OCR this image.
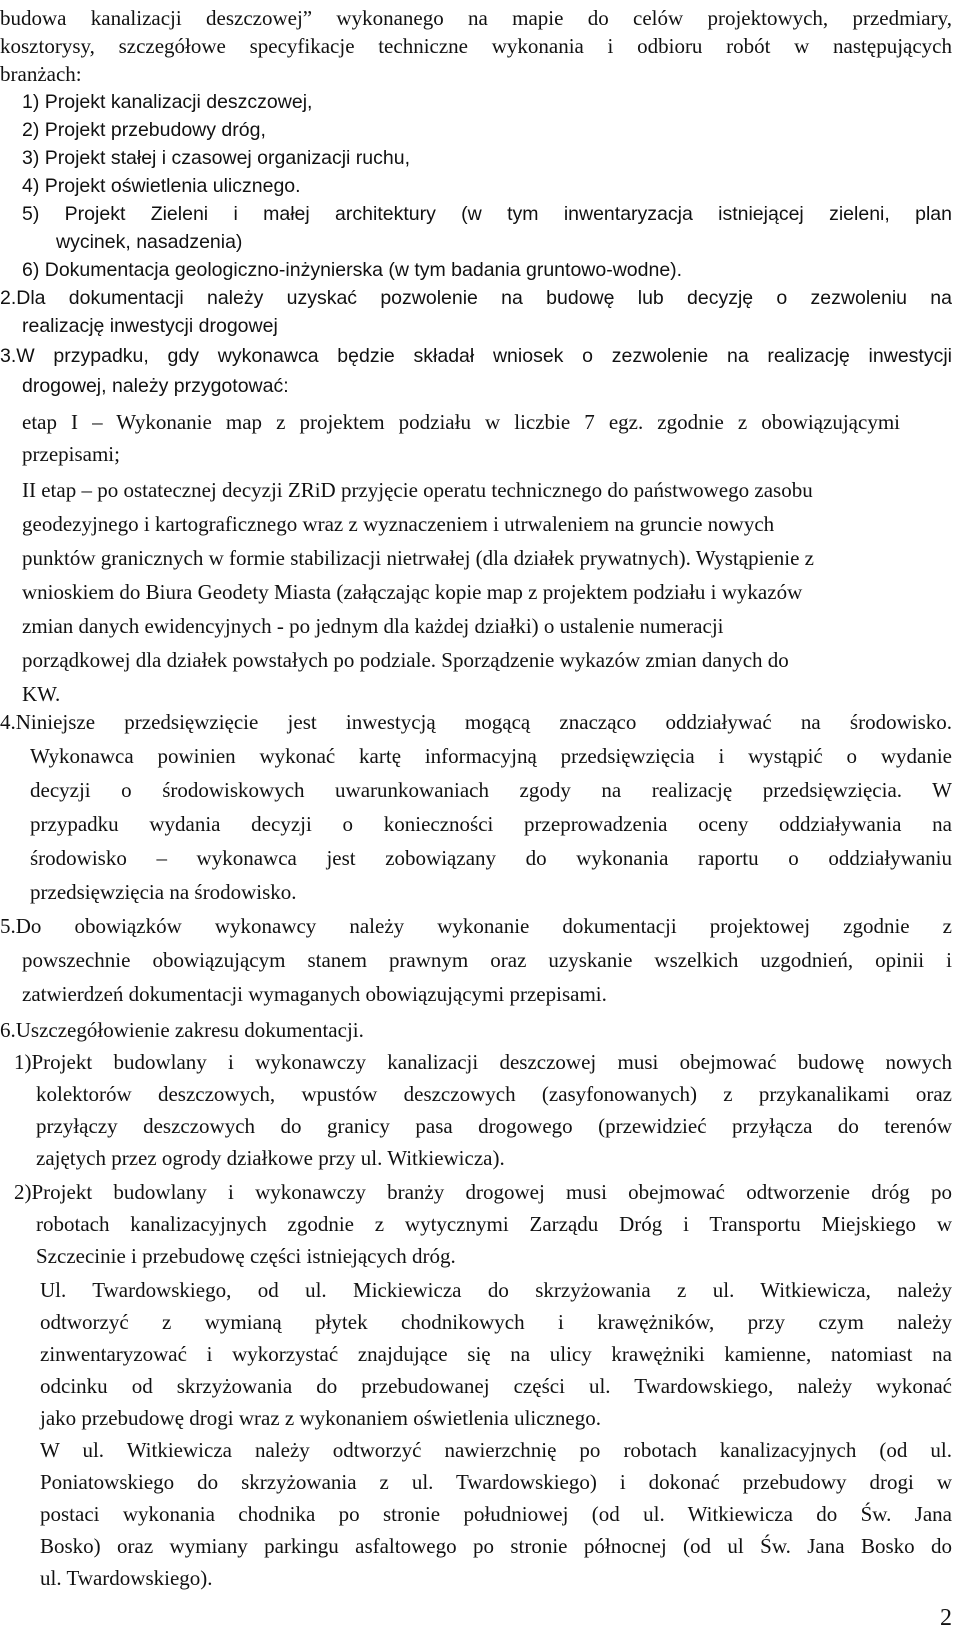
budowa kanalizacji deszczowej” wykonanego na mapie do celów projektowych, przedmiary,
kosztorysy, szczegółowe specyfikacje techniczne wykonania i odbioru robót w następujących
branżach:
1) Projekt kanalizacji deszczowej,
2) Projekt przebudowy dróg,
3) Projekt stałej i czasowej organizacji ruchu,
4) Projekt oświetlenia ulicznego.
5) Projekt Zieleni i małej architektury (w tym inwentaryzacja istniejącej zieleni, plan
wycinek, nasadzenia)
6) Dokumentacja geologiczno-inżynierska (w tym badania gruntowo-wodne).
2.Dla dokumentacji należy uzyskać pozwolenie na budowę lub decyzję o zezwoleniu na
realizację inwestycji drogowej
3.W przypadku, gdy wykonawca będzie składał wniosek o zezwolenie na realizację inwestycji
drogowej, należy przygotować:
etap I – Wykonanie map z projektem podziału w liczbie 7 egz. zgodnie z obowiązującymi
przepisami;
II etap – po ostatecznej decyzji ZRiD przyjęcie operatu technicznego do państwowego zasobu
geodezyjnego i kartograficznego wraz z wyznaczeniem i utrwaleniem na gruncie nowych
punktów granicznych w formie stabilizacji nietrwałej (dla działek prywatnych). Wystąpienie z
wnioskiem do Biura Geodety Miasta (załączając kopie map z projektem podziału i wykazów
zmian danych ewidencyjnych - po jednym dla każdej działki) o ustalenie numeracji
porządkowej dla działek powstałych po podziale. Sporządzenie wykazów zmian danych do
KW.
4.Niniejsze przedsięwzięcie jest inwestycją mogącą znacząco oddziaływać na środowisko.
Wykonawca powinien wykonać kartę informacyjną przedsięwzięcia i wystąpić o wydanie
decyzji o środowiskowych uwarunkowaniach zgody na realizację przedsięwzięcia. W
przypadku wydania decyzji o konieczności przeprowadzenia oceny oddziaływania na
środowisko – wykonawca jest zobowiązany do wykonania raportu o oddziaływaniu
przedsięwzięcia na środowisko.
5.Do obowiązków wykonawcy należy wykonanie dokumentacji projektowej zgodnie z
powszechnie obowiązującym stanem prawnym oraz uzyskanie wszelkich uzgodnień, opinii i
zatwierdzeń dokumentacji wymaganych obowiązującymi przepisami.
6.Uszczegółowienie zakresu dokumentacji.
1)Projekt budowlany i wykonawczy kanalizacji deszczowej musi obejmować budowę nowych
kolektorów deszczowych, wpustów deszczowych (zasyfonowanych) z przykanalikami oraz
przyłączy deszczowych do granicy pasa drogowego (przewidzieć przyłącza do terenów
zajętych przez ogrody działkowe przy ul. Witkiewicza).
2)Projekt budowlany i wykonawczy branży drogowej musi obejmować odtworzenie dróg po
robotach kanalizacyjnych zgodnie z wytycznymi Zarządu Dróg i Transportu Miejskiego w
Szczecinie i przebudowę części istniejących dróg.
Ul. Twardowskiego, od ul. Mickiewicza do skrzyżowania z ul. Witkiewicza, należy
odtworzyć z wymianą płytek chodnikowych i krawężników, przy czym należy
zinwentaryzować i wykorzystać znajdujące się na ulicy krawężniki kamienne, natomiast na
odcinku od skrzyżowania do przebudowanej części ul. Twardowskiego, należy wykonać
jako przebudowę drogi wraz z wykonaniem oświetlenia ulicznego.
W ul. Witkiewicza należy odtworzyć nawierzchnię po robotach kanalizacyjnych (od ul.
Poniatowskiego do skrzyżowania z ul. Twardowskiego) i dokonać przebudowy drogi w
postaci wykonania chodnika po stronie południowej (od ul. Witkiewicza do Św. Jana
Bosko) oraz wymiany parkingu asfaltowego po stronie północnej (od ul Św. Jana Bosko do
ul. Twardowskiego).
2
